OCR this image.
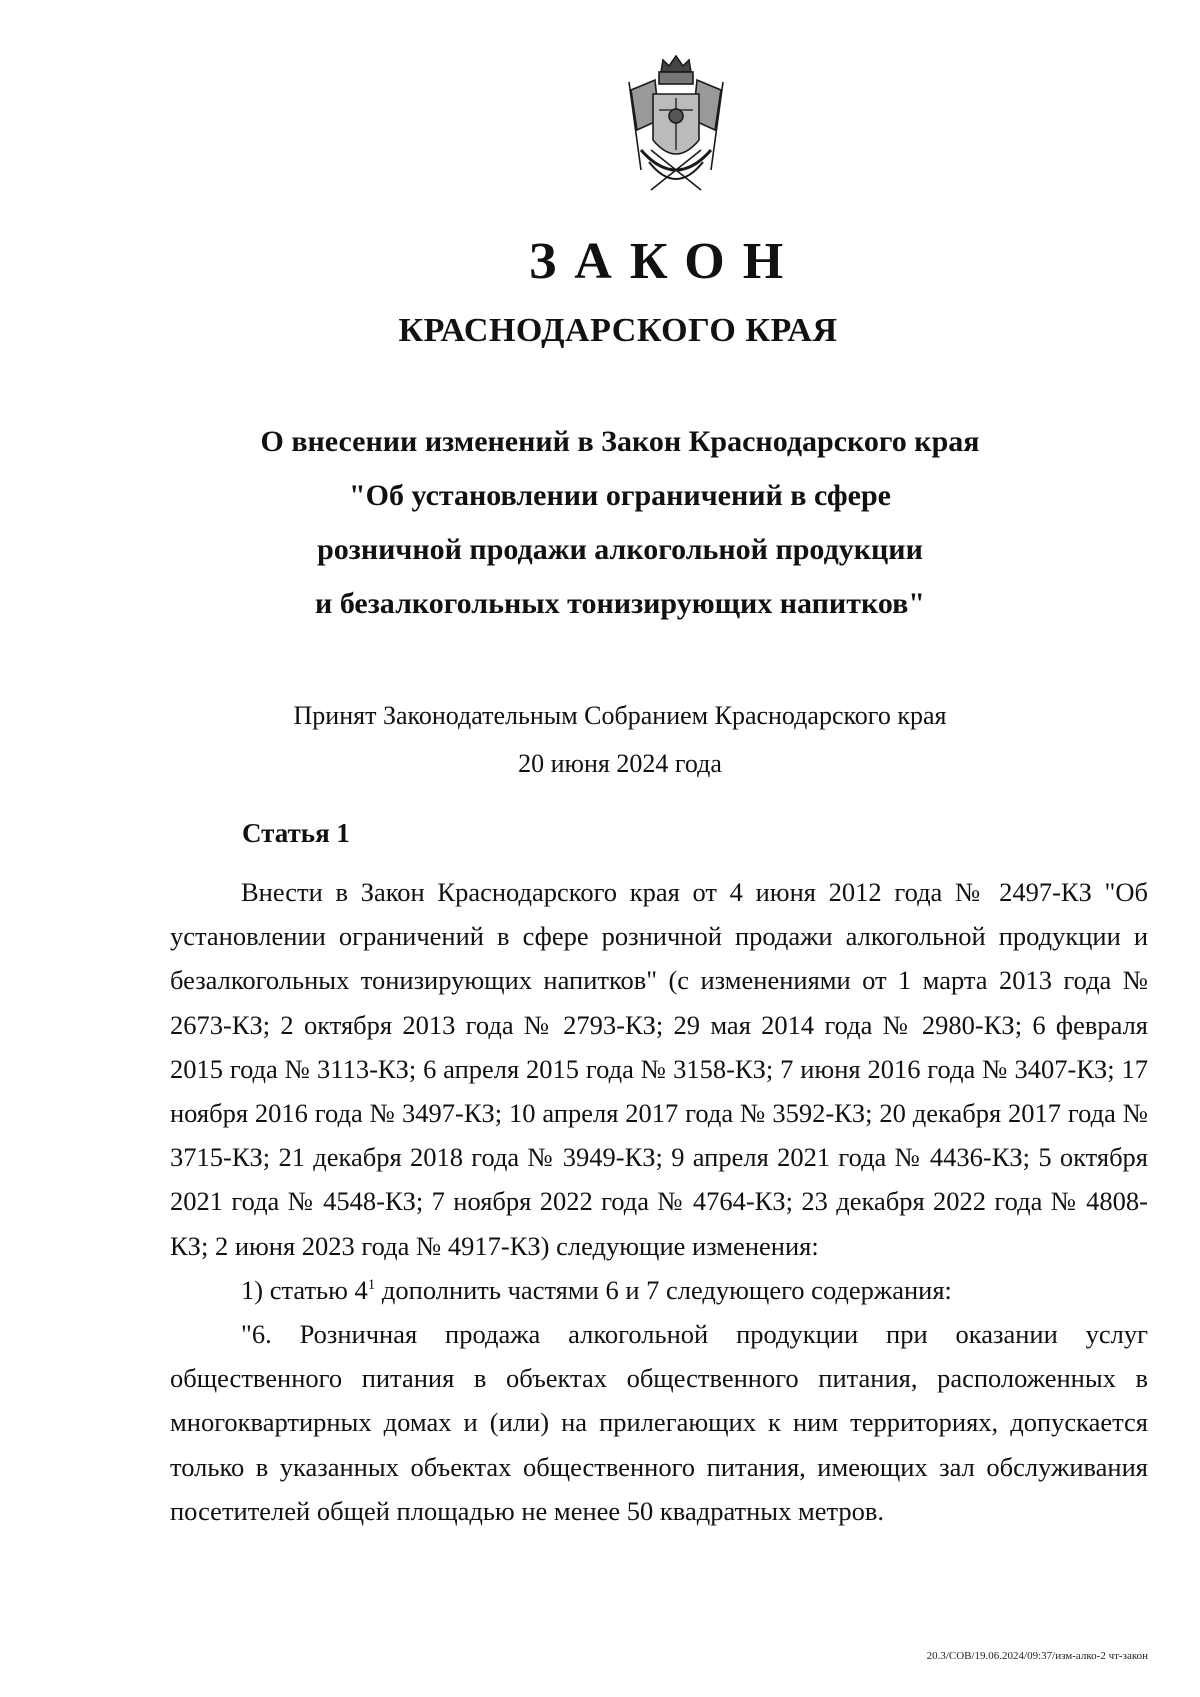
ЗАКОН
КРАСНОДАРСКОГО КРАЯ
О внесении изменений в Закон Краснодарского края
"Об установлении ограничений в сфере
розничной продажи алкогольной продукции
и безалкогольных тонизирующих напитков"
Принят Законодательным Собранием Краснодарского края
20 июня 2024 года
Статья 1

Внести в Закон Краснодарского края от 4 июня 2012 года № 2497-КЗ "Об установлении ограничений в сфере розничной продажи алкогольной продукции и безалкогольных тонизирующих напитков" (с изменениями от 1 марта 2013 года № 2673-КЗ; 2 октября 2013 года № 2793-КЗ; 29 мая 2014 года № 2980-КЗ; 6 февраля 2015 года № 3113-КЗ; 6 апреля 2015 года № 3158-КЗ; 7 июня 2016 года № 3407-КЗ; 17 ноября 2016 года № 3497-КЗ; 10 апреля 2017 года № 3592-КЗ; 20 декабря 2017 года № 3715-КЗ; 21 декабря 2018 года № 3949-КЗ; 9 апреля 2021 года № 4436-КЗ; 5 октября 2021 года № 4548-КЗ; 7 ноября 2022 года № 4764-КЗ; 23 декабря 2022 года № 4808-КЗ; 2 июня 2023 года № 4917-КЗ) следующие изменения:

1) статью $4^1$ дополнить частями 6 и 7 следующего содержания:

"6. Розничная продажа алкогольной продукции при оказании услуг общественного питания в объектах общественного питания, расположенных в многоквартирных домах и (или) на прилегающих к ним территориях, допускается только в указанных объектах общественного питания, имеющих зал обслуживания посетителей общей площадью не менее 50 квадратных метров.

20.3/СОВ/19.06.2024/09:37/изм-алко-2 чт-закон
